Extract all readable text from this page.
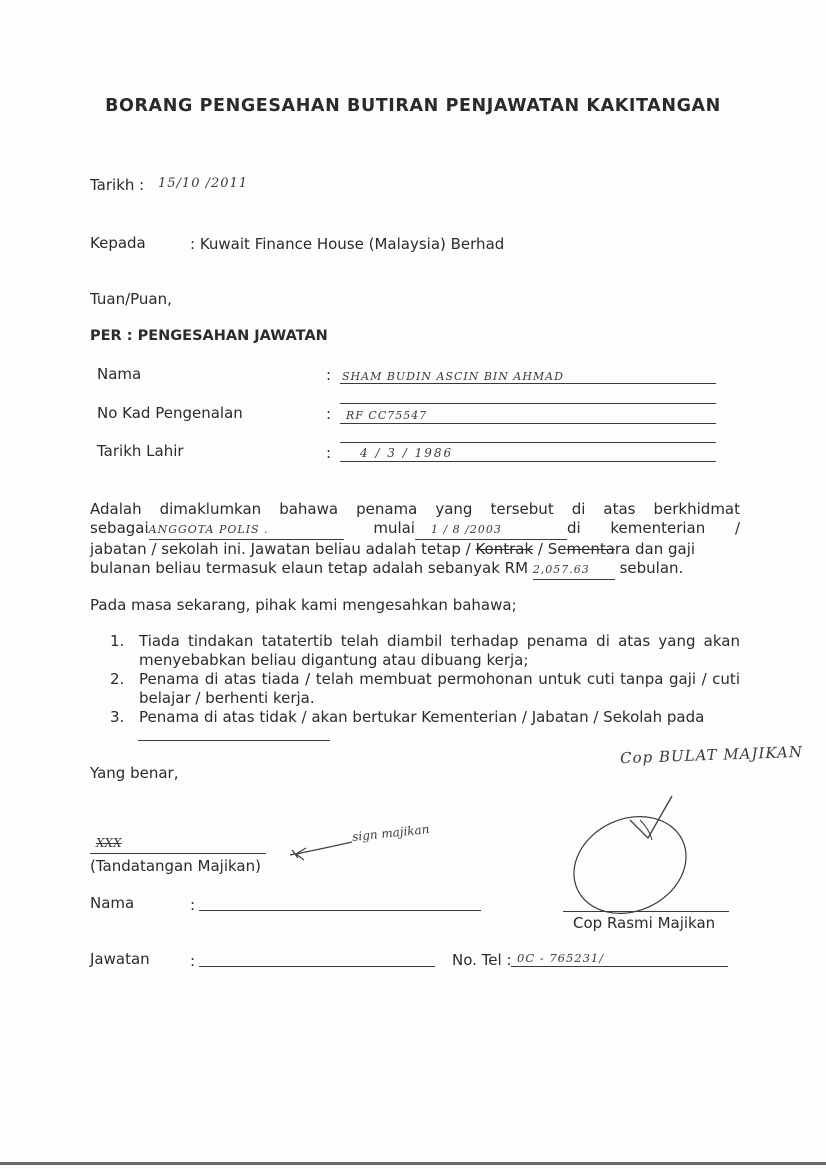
BORANG PENGESAHAN BUTIRAN PENJAWATAN KAKITANGAN
Tarikh : 15/10 /2011
Kepada	: Kuwait Finance House (Malaysia) Berhad
Tuan/Puan,
PER : PENGESAHAN JAWATAN
Nama	: SHAM BUDIN ASCIN BIN AHMAD
No Kad Pengenalan	: RF CC75547
Tarikh Lahir	: 4 / 3 / 1986
Adalah dimaklumkan bahawa penama yang tersebut di atas berkhidmat
sebagaiANGGOTA POLIS .	mulai 1 / 8 /2003	di kementerian /
jabatan / sekolah ini. Jawatan beliau adalah tetap / Kontrak / Sementara dan gaji
bulanan beliau termasuk elaun tetap adalah sebanyak RM 2,057.63 sebulan.
Pada masa sekarang, pihak kami mengesahkan bahawa;
1. Tiada tindakan tatatertib telah diambil terhadap penama di atas yang akan menyebabkan beliau digantung atau dibuang kerja;
2. Penama di atas tiada / telah membuat permohonan untuk cuti tanpa gaji / cuti belajar / berhenti kerja.
3. Penama di atas tidak / akan bertukar Kementerian / Jabatan / Sekolah pada
Cop BULAT MAJIKAN
Yang benar,
XXX
(Tandatangan Majikan)
sign majikan
Cop Rasmi Majikan
Nama	:
Jawatan	:	No. Tel : 0C - 765231/
